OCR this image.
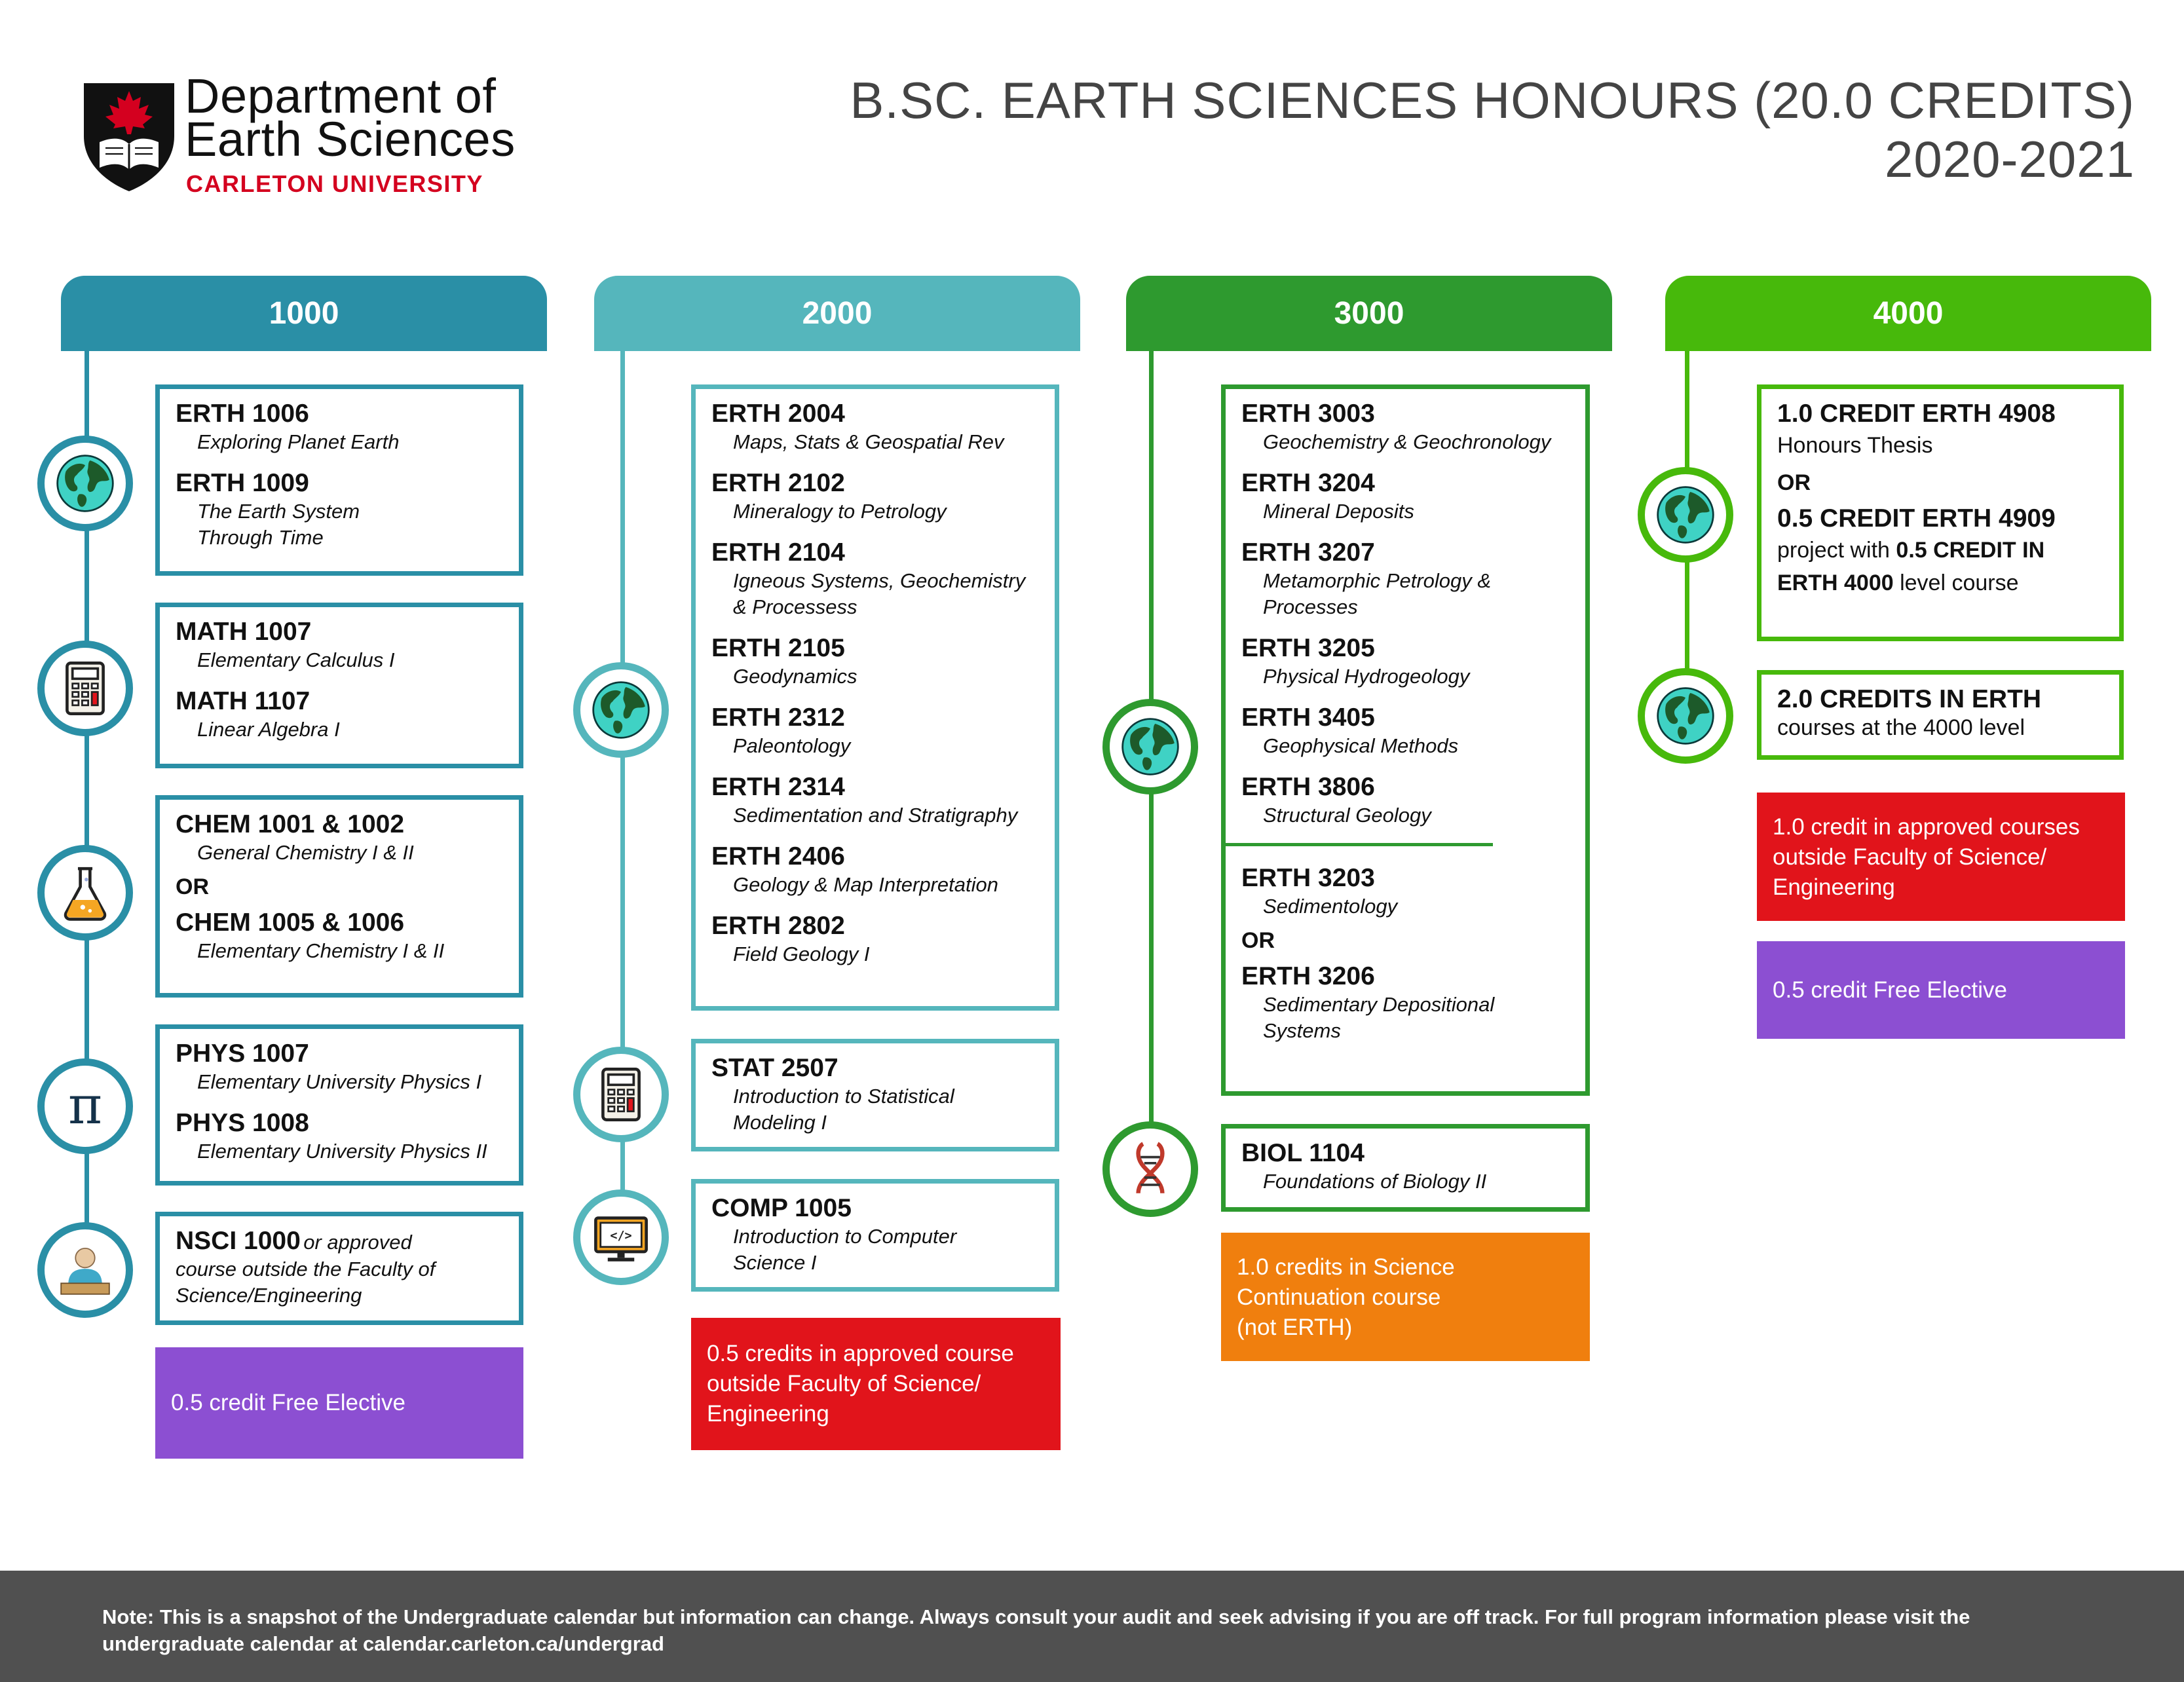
Department of
Earth Sciences
CARLETON UNIVERSITY
B.SC. EARTH SCIENCES HONOURS (20.0 CREDITS)
2020-2021
1000	2000	3000	4000
ERTH 1006
Exploring Planet Earth
ERTH 1009
The Earth System
Through Time
MATH 1007
Elementary Calculus I
MATH 1107
Linear Algebra I
CHEM 1001 & 1002
General Chemistry I & II
OR
CHEM 1005 & 1006
Elementary Chemistry I & II
PHYS 1007
Elementary University Physics I
PHYS 1008
Elementary University Physics II
NSCI 1000 or approved
course outside the Faculty of
Science/Engineering
0.5 credit Free Elective
ERTH 2004
Maps, Stats & Geospatial Rev
ERTH 2102
Mineralogy to Petrology
ERTH 2104
Igneous Systems, Geochemistry
& Processess
ERTH 2105
Geodynamics
ERTH 2312
Paleontology
ERTH 2314
Sedimentation and Stratigraphy
ERTH 2406
Geology & Map Interpretation
ERTH 2802
Field Geology I
STAT 2507
Introduction to Statistical
Modeling I
COMP 1005
Introduction to Computer
Science I
0.5 credits in approved course
outside Faculty of Science/
Engineering
ERTH 3003
Geochemistry & Geochronology
ERTH 3204
Mineral Deposits
ERTH 3207
Metamorphic Petrology &
Processes
ERTH 3205
Physical Hydrogeology
ERTH 3405
Geophysical Methods
ERTH 3806
Structural Geology
ERTH 3203
Sedimentology
OR
ERTH 3206
Sedimentary Depositional
Systems
BIOL 1104
Foundations of Biology II
1.0 credits in Science
Continuation course
(not ERTH)
1.0 CREDIT ERTH 4908
Honours Thesis
OR
0.5 CREDIT ERTH 4909
project with 0.5 CREDIT IN
ERTH 4000 level course
2.0 CREDITS IN ERTH
courses at the 4000 level
1.0 credit in approved courses
outside Faculty of Science/
Engineering
0.5 credit Free Elective
Note: This is a snapshot of the Undergraduate calendar but information can change. Always consult your audit and seek advising if you are off track. For full program information please visit the
undergraduate calendar at calendar.carleton.ca/undergrad
